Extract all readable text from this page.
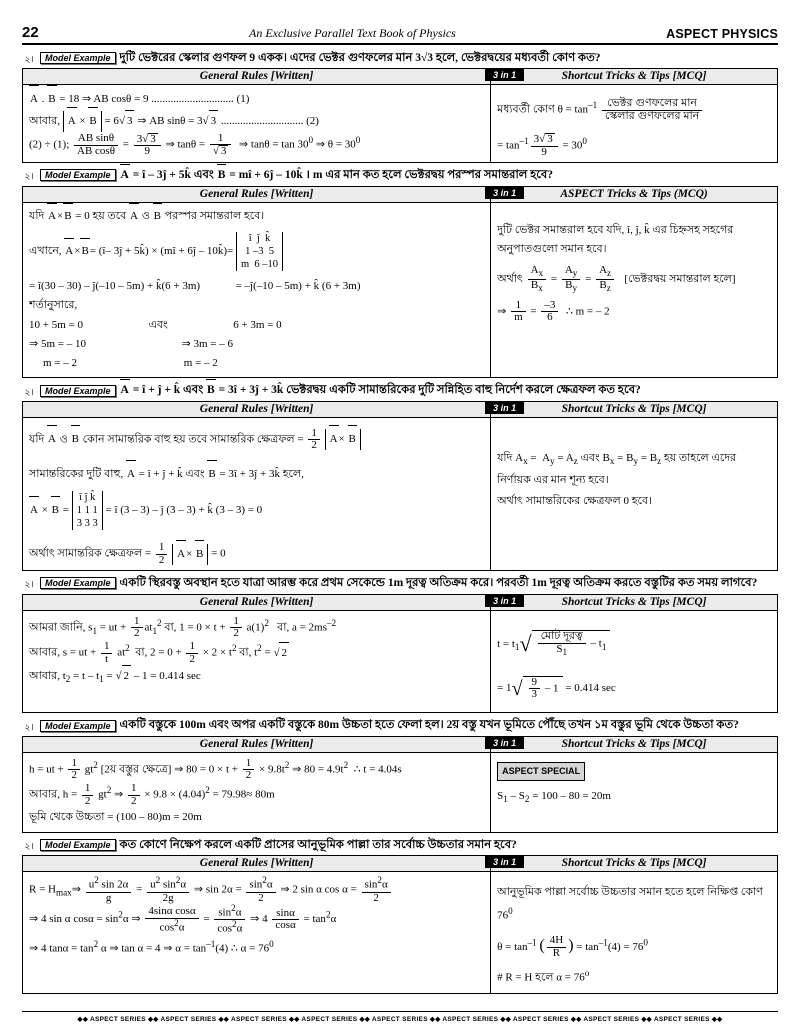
22	An Exclusive Parallel Text Book of Physics	ASPECT PHYSICS
২।	Model Example দুটি ভেক্টরের স্কেলার গুণফল 9 একক। এদের ভেক্টর গুণফলের মান 3√3 হলে, ভেক্টরদ্বয়ের মধ্যবর্তী কোণ কত?
General Rules [Written]	3 in 1 Shortcut Tricks & Tips [MCQ]

A . B = 18 ⇒ AB cosθ = 9 .............................. (1)
আবার, A × B = 6√ 3 ⇒ AB sinθ = 3√ 3 .............................. (2)
(2) ÷ (1); $\frac{\text{AB sinθ}}{\text{AB cosθ}} = \frac{3√ 3}{9}$ ⇒ $\tan\theta = \frac{1}{√ 3}$ ⇒ $\tan\theta = \tan 30^0$ ⇒ $\theta = 30^0$

মধ্যবর্তী কোণ $\theta = \tan^{-1} \frac{\text{ভেক্টর গুণফলের মান}}{\text{স্কেলার গুণফলের মান}}$
= $\tan^{-1} \frac{3√ 3}{9} = 30^0$
২।	Model Example A = î – 3ĵ + 5k̂ এবং B = mî + 6ĵ – 10k̂ । m এর মান কত হলে ভেক্টরদ্বয় পরস্পর সমান্তরাল হবে?
General Rules [Written]	3 in 1 ASPECT Tricks & Tips (MCQ)

যদি A×B = 0 হয় তবে A ও B পরস্পর সমান্তরাল হবে।
এখানে, A×B= (î– 3ĵ + 5k̂) × (mî + 6ĵ – 10k̂)=
î  ĵ  k̂
1 –3  5
m  6 –10
= î(30 – 30) – ĵ(–10 – 5m) + k̂(6 + 3m)	= –ĵ(–10 – 5m) + k̂ (6 + 3m)
শর্তানুসারে,
10 + 5m = 0	এবং	6 + 3m = 0
⇒ 5m = – 10	⇒ 3m = – 6
m = – 2	m = – 2

দুটি ভেক্টর সমান্তরাল হবে যদি, î, ĵ, k̂ এর চিহ্নসহ সহগের অনুপাতগুলো সমান হবে।
অর্থাৎ $\frac{A_x}{B_x} = \frac{A_y}{B_y} = \frac{A_z}{B_z}$ [ভেক্টরদ্বয় সমান্তরাল হলে]
⇒ $\frac{1}{m} = \frac{-3}{6}$ ∴ m = – 2
২।	Model Example A = î + ĵ + k̂ এবং B = 3î + 3ĵ + 3k̂ ভেক্টরদ্বয় একটি সামান্তরিকের দুটি সন্নিহিত বাহু নির্দেশ করলে ক্ষেত্রফল কত হবে?
General Rules [Written]	3 in 1 Shortcut Tricks & Tips [MCQ]

যদি A ও B কোন সামান্তরিক বাহু হয় তবে সামান্তরিক ক্ষেত্রফল = $\frac{1}{2} A\times B$
সামান্তরিকের দুটি বাহু, A = î + ĵ + k̂ এবং B = 3î + 3ĵ + 3k̂ হলে,
A × B =
î ĵ k̂
1 1 1
3 3 3
= î (3 – 3) – ĵ (3 – 3) + k̂ (3 – 3) = 0
অর্থাৎ সামান্তরিক ক্ষেত্রফল = $\frac{1}{2} A\times B = 0$

যদি $A_x = A_y = A_z$ এবং $B_x = B_y = B_z$ হয় তাহলে এদের নির্ণায়ক এর মান শূন্য হবে।
অর্থাৎ সামান্তরিকের ক্ষেত্রফল 0 হবে।
২।	Model Example একটি স্থিরবস্তু অবস্থান হতে যাত্রা আরম্ভ করে প্রথম সেকেন্ডে 1m দূরত্ব অতিক্রম করে। পরবর্তী 1m দূরত্ব অতিক্রম করতে বস্তুটির কত সময় লাগবে?
General Rules [Written]	3 in 1 Shortcut Tricks & Tips [MCQ]

আমরা জানি, $s_1$ = ut + $\frac{1}{2} at_1^2$ বা, $1 = 0 \times t + \frac{1}{2} a(1)^2$   বা, $a = 2ms^{-2}$
আবার, s = ut + $\frac{1}{t} at^2$  বা, $2 = 0 + \frac{1}{2} \times 2 \times t^2$ বা, $t^2$ = √ 2
আবার, $t_2 = t - t_1$ = √ 2 – 1 = 0.414 sec

$t = t_1√ \frac{\text{মোট দূরত্ব}}{S_1} - t_1$
= $1√ \frac{9}{3} - 1 = 0.414$ sec
২।	Model Example একটি বস্তুকে 100m এবং অপর একটি বস্তুকে 80m উচ্চতা হতে ফেলা হল। 2য় বস্তু যখন ভূমিতে পৌঁছে তখন ১ম বস্তুর ভূমি থেকে উচ্চতা কত?
General Rules [Written]	3 in 1 Shortcut Tricks & Tips [MCQ]

h = ut + $\frac{1}{2} gt^2$ [2য় বস্তুর ক্ষেত্রে] ⇒ $80 = 0 \times t + \frac{1}{2} \times 9.8t^2$ ⇒ $80 = 4.9t^2$  ∴ t = 4.04s
আবার, $h = \frac{1}{2} gt^2$ ⇒ $\frac{1}{2} \times 9.8 \times (4.04)^2 = 79.98\approx 80m$
ভূমি থেকে উচ্চতা = (100 – 80)m = 20m

ASPECT SPECIAL
$S_1 - S_2 = 100 - 80 = 20m$
২।	Model Example কত কোণে নিক্ষেপ করলে একটি প্রাসের আনুভূমিক পাল্লা তার সর্বোচ্চ উচ্চতার সমান হবে?
General Rules [Written]	3 in 1 Shortcut Tricks & Tips [MCQ]

$R = H_{max}\Rightarrow \frac{u^2 \sin 2\alpha}{g} = \frac{u^2 \sin^2\alpha}{2g}$ ⇒ $\sin 2\alpha = \frac{\sin^2\alpha}{2}$ ⇒ 2 sin α $\cos \alpha = \frac{\sin^2\alpha}{2}$
⇒ 4 sin α $\cos\alpha = \sin^2\alpha$ ⇒ $\frac{\text{4sinα cosα}}{\cos^2\alpha} = \frac{\sin^2\alpha}{\cos^2\alpha}$ ⇒ $4 \frac{\sin\alpha}{\cos\alpha} = \tan^2\alpha$
⇒ 4 $\tan\alpha = \tan^2 \alpha$ ⇒ tan α = 4 ⇒ $\alpha = \tan^{-1}(4)$ ∴ $\alpha = 76^0$

আনুভূমিক পাল্লা সর্বোচ্চ উচ্চতার সমান হতে হলে নিক্ষিপ্ত কোণ $76^0$
$\theta = \tan^{-1}$ ( $\frac{4H}{R}$ ) = $\tan^{-1}(4) = 76^0$
# R = H হলে $\alpha = 76^o$
◆◆ ASPECT SERIES ◆◆ ASPECT SERIES ◆◆ ASPECT SERIES ◆◆ ASPECT SERIES ◆◆ ASPECT SERIES ◆◆ ASPECT SERIES ◆◆ ASPECT SERIES ◆◆ ASPECT SERIES ◆◆ ASPECT SERIES ◆◆
